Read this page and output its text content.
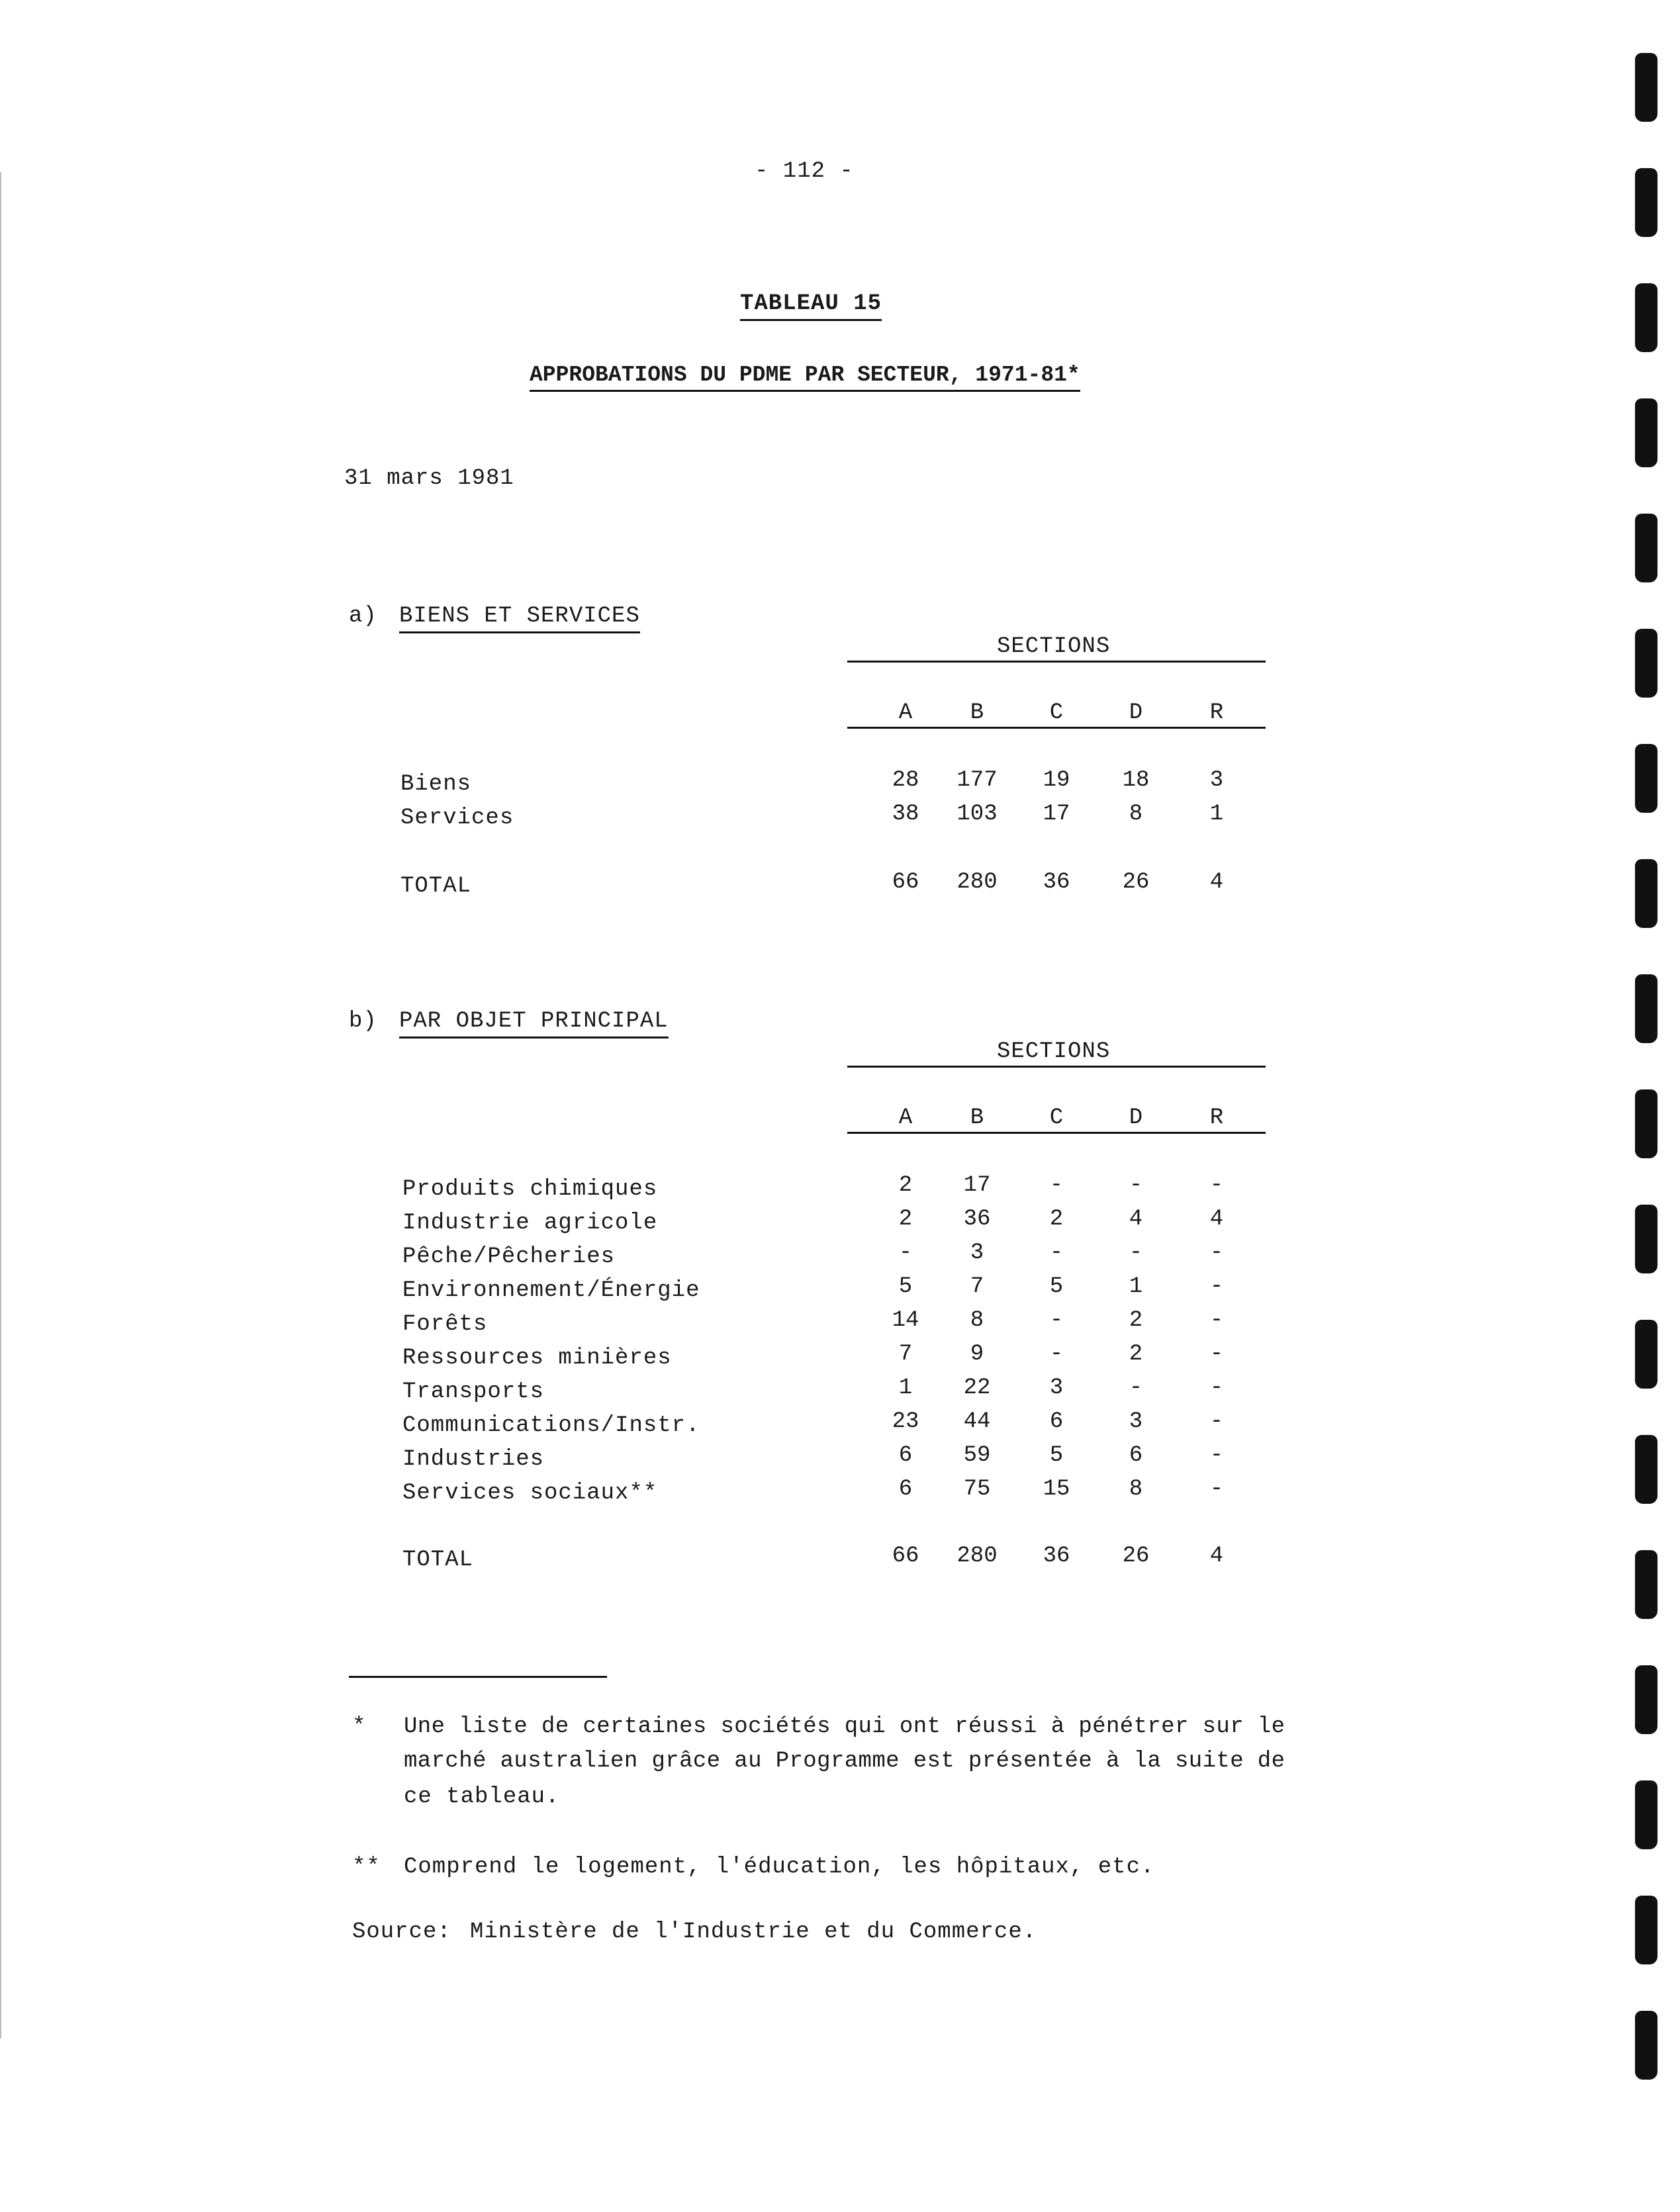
- 112 -
TABLEAU 15
APPROBATIONS DU PDME PAR SECTEUR, 1971-81*
31 mars 1981
a) BIENS ET SERVICES
SECTIONS
A	B	C	D	R
Biens	28	177	19	18	3
Services	38	103	17	8	1
TOTAL	66	280	36	26	4
b) PAR OBJET PRINCIPAL
SECTIONS
A	B	C	D	R
Produits chimiques	2	17	-	-	-
Industrie agricole	2	36	2	4	4
Pêche/Pêcheries	-	3	-	-	-
Environnement/Énergie	5	7	5	1	-
Forêts	14	8	-	2	-
Ressources minières	7	9	-	2	-
Transports	1	22	3	-	-
Communications/Instr.	23	44	6	3	-
Industries	6	59	5	6	-
Services sociaux**	6	75	15	8	-
TOTAL	66	280	36	26	4
* Une liste de certaines sociétés qui ont réussi à pénétrer sur le
marché australien grâce au Programme est présentée à la suite de
ce tableau.
** Comprend le logement, l'éducation, les hôpitaux, etc.
Source: Ministère de l'Industrie et du Commerce.
